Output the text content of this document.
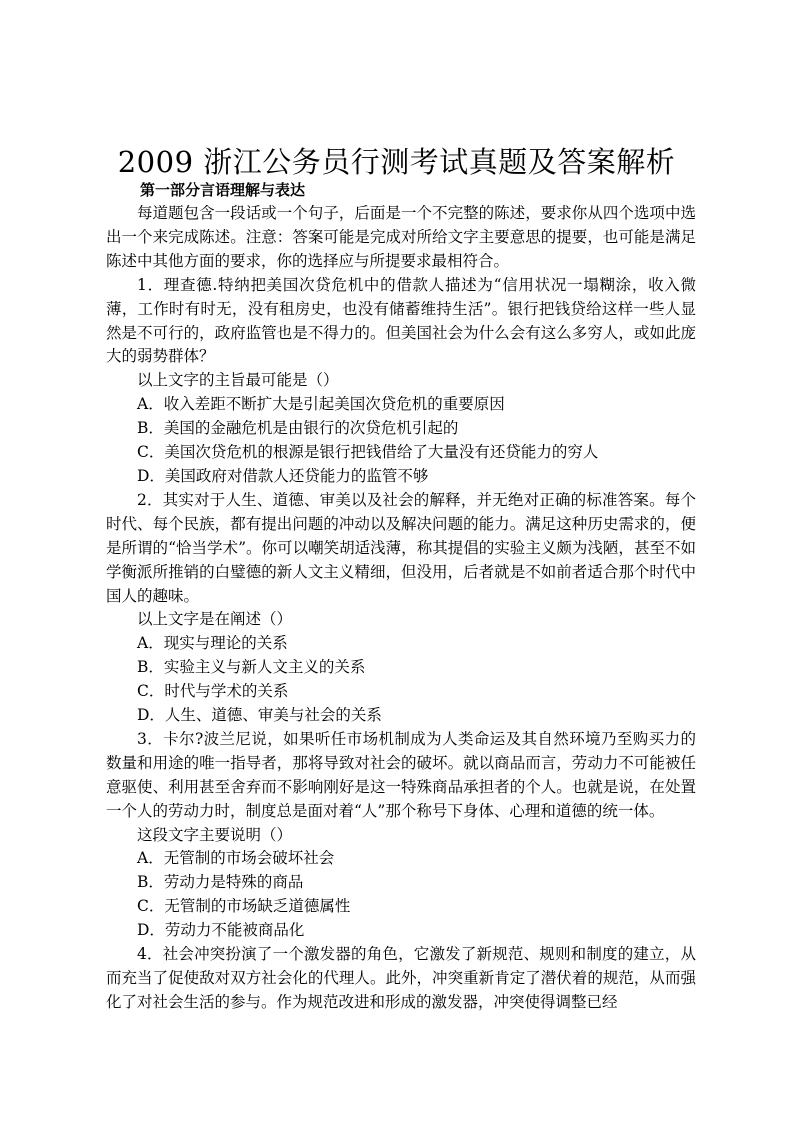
2009 浙江公务员行测考试真题及答案解析
第一部分言语理解与表达

每道题包含一段话或一个句子，后面是一个不完整的陈述，要求你从四个选项中选出一个来完成陈述。注意：答案可能是完成对所给文字主要意思的提要，也可能是满足陈述中其他方面的要求，你的选择应与所提要求最相符合。

1．理查德.特纳把美国次贷危机中的借款人描述为“信用状况一塌糊涂，收入微薄，工作时有时无，没有租房史，也没有储蓄维持生活”。银行把钱贷给这样一些人显然是不可行的，政府监管也是不得力的。但美国社会为什么会有这么多穷人，或如此庞大的弱势群体？

以上文字的主旨最可能是（）

A．收入差距不断扩大是引起美国次贷危机的重要原因

B．美国的金融危机是由银行的次贷危机引起的

C．美国次贷危机的根源是银行把钱借给了大量没有还贷能力的穷人

D．美国政府对借款人还贷能力的监管不够

2．其实对于人生、道德、审美以及社会的解释，并无绝对正确的标准答案。每个时代、每个民族，都有提出问题的冲动以及解决问题的能力。满足这种历史需求的，便是所谓的“恰当学术”。你可以嘲笑胡适浅薄，称其提倡的实验主义颇为浅陋，甚至不如学衡派所推销的白璧德的新人文主义精细，但没用，后者就是不如前者适合那个时代中国人的趣味。

以上文字是在阐述（）

A．现实与理论的关系

B．实验主义与新人文主义的关系

C．时代与学术的关系

D．人生、道德、审美与社会的关系

3．卡尔?波兰尼说，如果听任市场机制成为人类命运及其自然环境乃至购买力的数量和用途的唯一指导者，那将导致对社会的破坏。就以商品而言，劳动力不可能被任意驱使、利用甚至舍弃而不影响刚好是这一特殊商品承担者的个人。也就是说，在处置一个人的劳动力时，制度总是面对着“人”那个称号下身体、心理和道德的统一体。

这段文字主要说明（）

A．无管制的市场会破坏社会

B．劳动力是特殊的商品

C．无管制的市场缺乏道德属性

D．劳动力不能被商品化

4．社会冲突扮演了一个激发器的角色，它激发了新规范、规则和制度的建立，从而充当了促使敌对双方社会化的代理人。此外，冲突重新肯定了潜伏着的规范，从而强化了对社会生活的参与。作为规范改进和形成的激发器，冲突使得调整已经
